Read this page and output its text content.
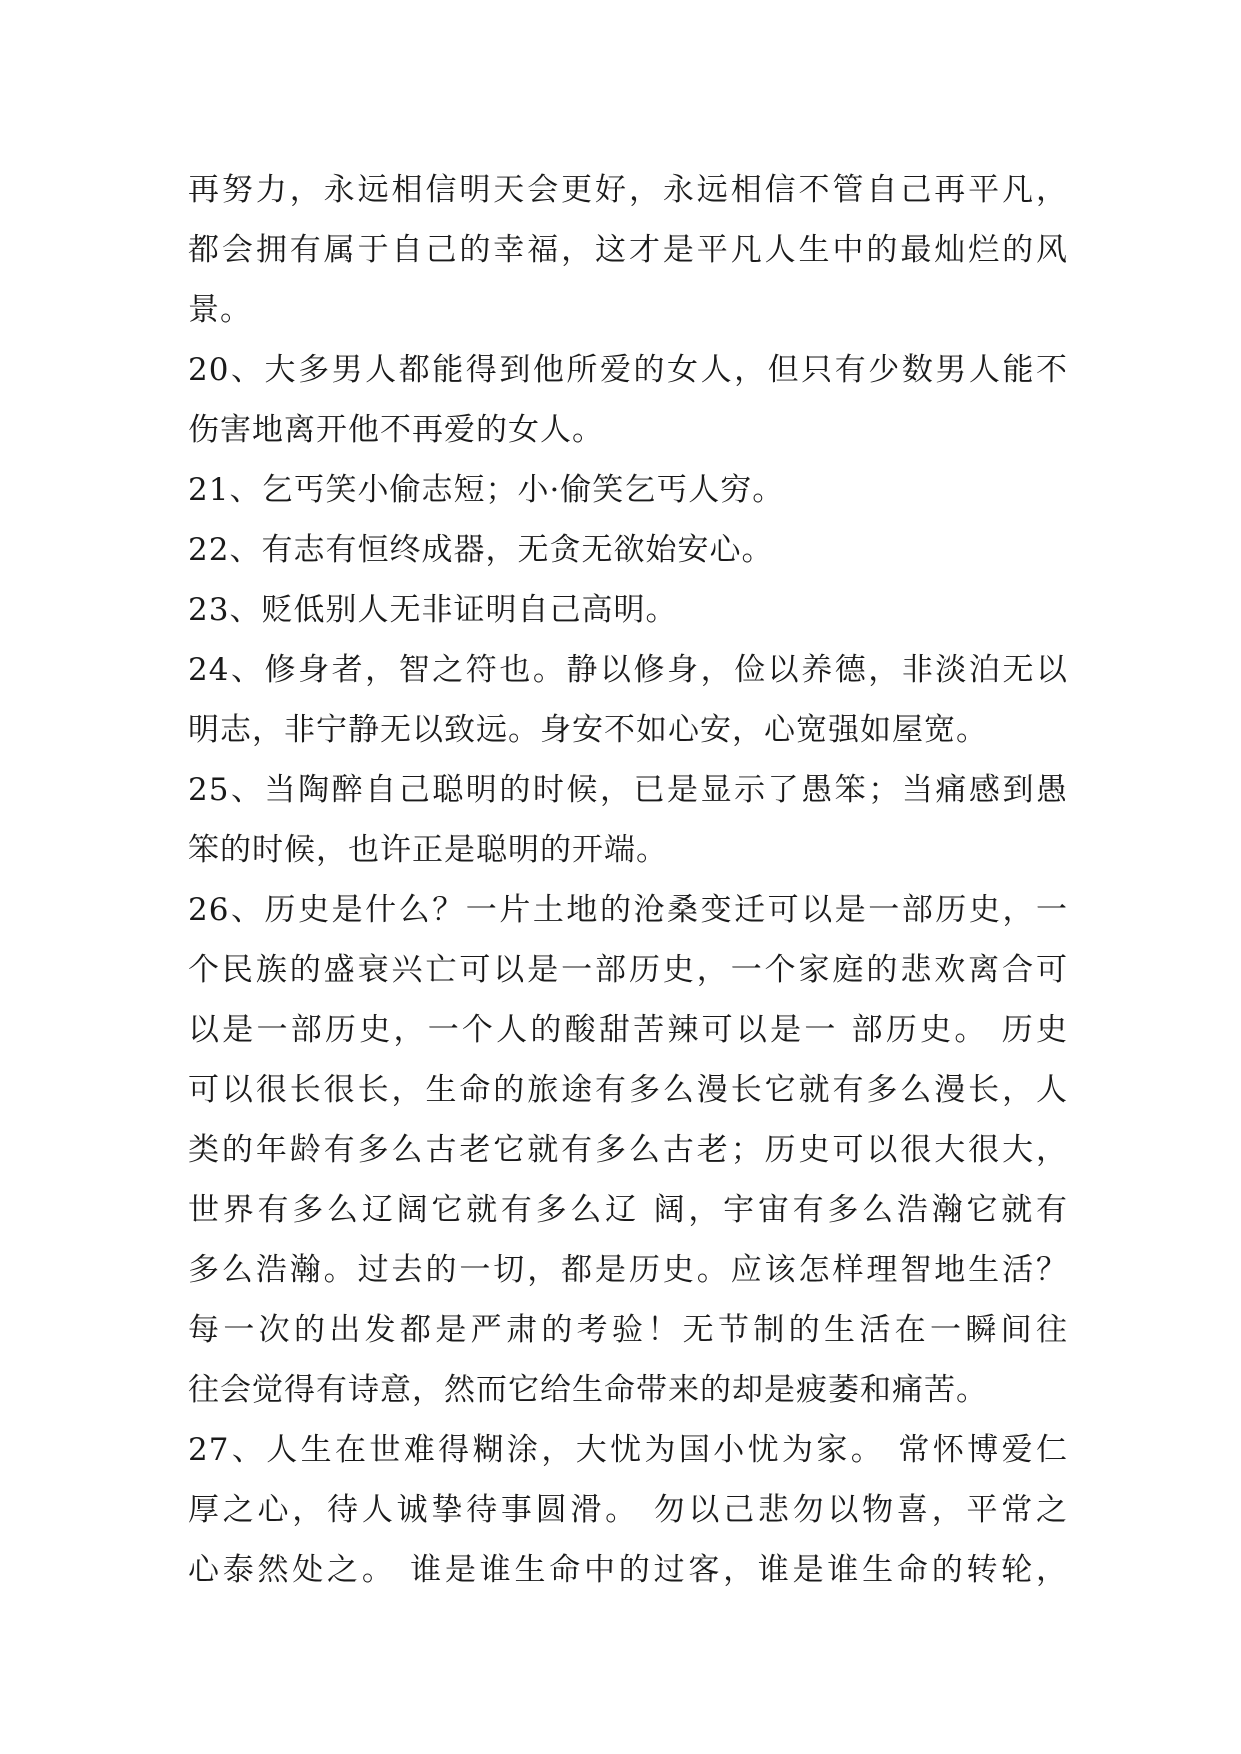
再努力，永远相信明天会更好，永远相信不管自己再平凡，
都会拥有属于自己的幸福，这才是平凡人生中的最灿烂的风
景。
20、大多男人都能得到他所爱的女人，但只有少数男人能不
伤害地离开他不再爱的女人。
21、乞丐笑小偷志短；小·偷笑乞丐人穷。
22、有志有恒终成器，无贪无欲始安心。
23、贬低别人无非证明自己高明。
24、修身者，智之符也。静以修身，俭以养德，非淡泊无以
明志，非宁静无以致远。身安不如心安，心宽强如屋宽。
25、当陶醉自己聪明的时候，已是显示了愚笨；当痛感到愚
笨的时候，也许正是聪明的开端。
26、历史是什么？一片土地的沧桑变迁可以是一部历史，一
个民族的盛衰兴亡可以是一部历史，一个家庭的悲欢离合可
以是一部历史，一个人的酸甜苦辣可以是一 部历史。 历史
可以很长很长，生命的旅途有多么漫长它就有多么漫长，人
类的年龄有多么古老它就有多么古老；历史可以很大很大，
世界有多么辽阔它就有多么辽 阔，宇宙有多么浩瀚它就有
多么浩瀚。过去的一切，都是历史。应该怎样理智地生活？
每一次的出发都是严肃的考验！无节制的生活在一瞬间往
往会觉得有诗意，然而它给生命带来的却是疲萎和痛苦。
27、人生在世难得糊涂，大忧为国小忧为家。 常怀博爱仁
厚之心，待人诚挚待事圆滑。 勿以己悲勿以物喜，平常之
心泰然处之。 谁是谁生命中的过客，谁是谁生命的转轮，
